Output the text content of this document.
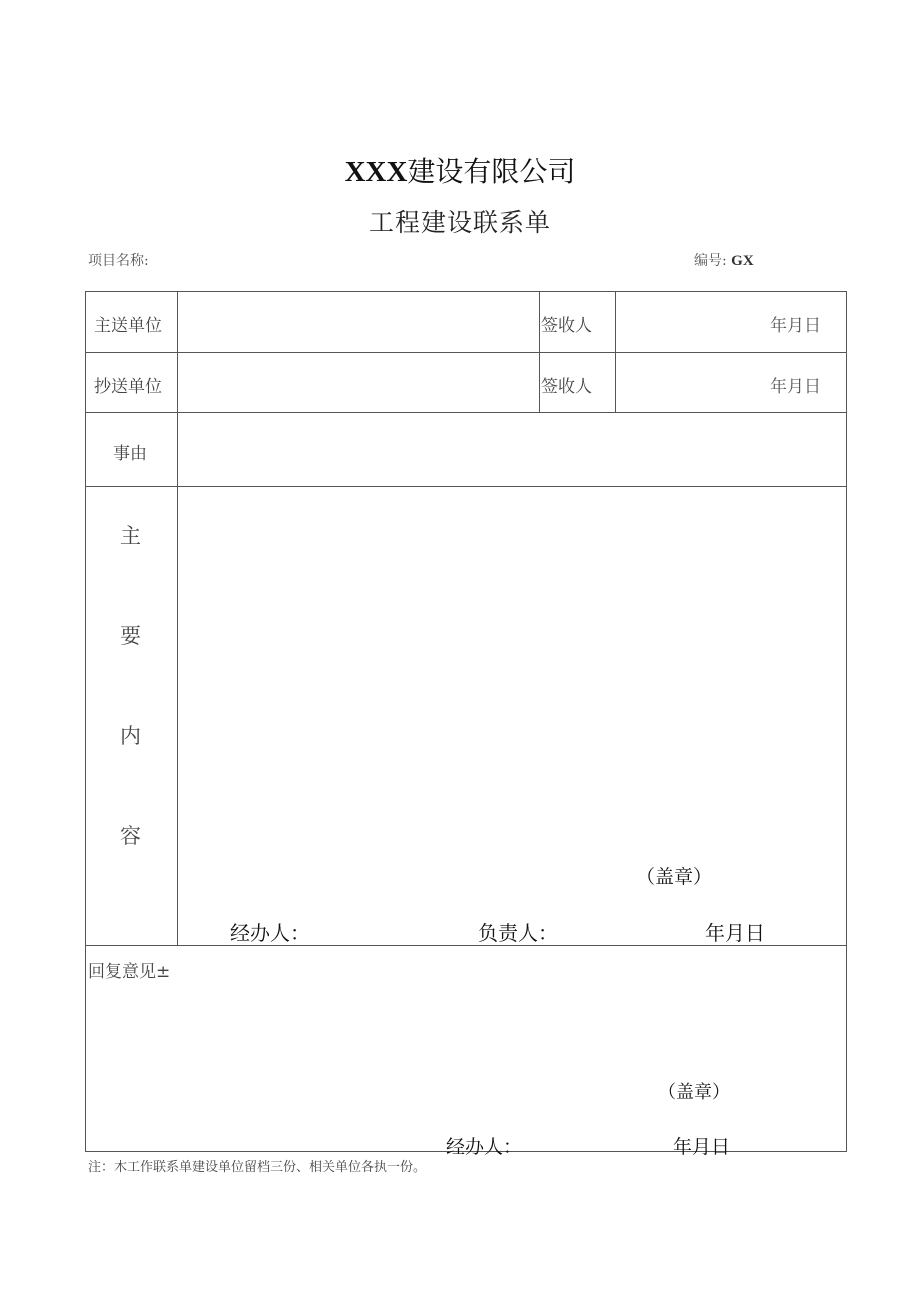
XXX建设有限公司
工程建设联系单
项目名称:	编号: GX
主送单位	签收人	年月日
抄送单位	签收人	年月日
事由
主
要
内
容
（盖章）
经办人：	负责人：	年月日
回复意见±
（盖章）
经办人：	年月日
注：木工作联系单建设单位留档三份、相关单位各执一份。
